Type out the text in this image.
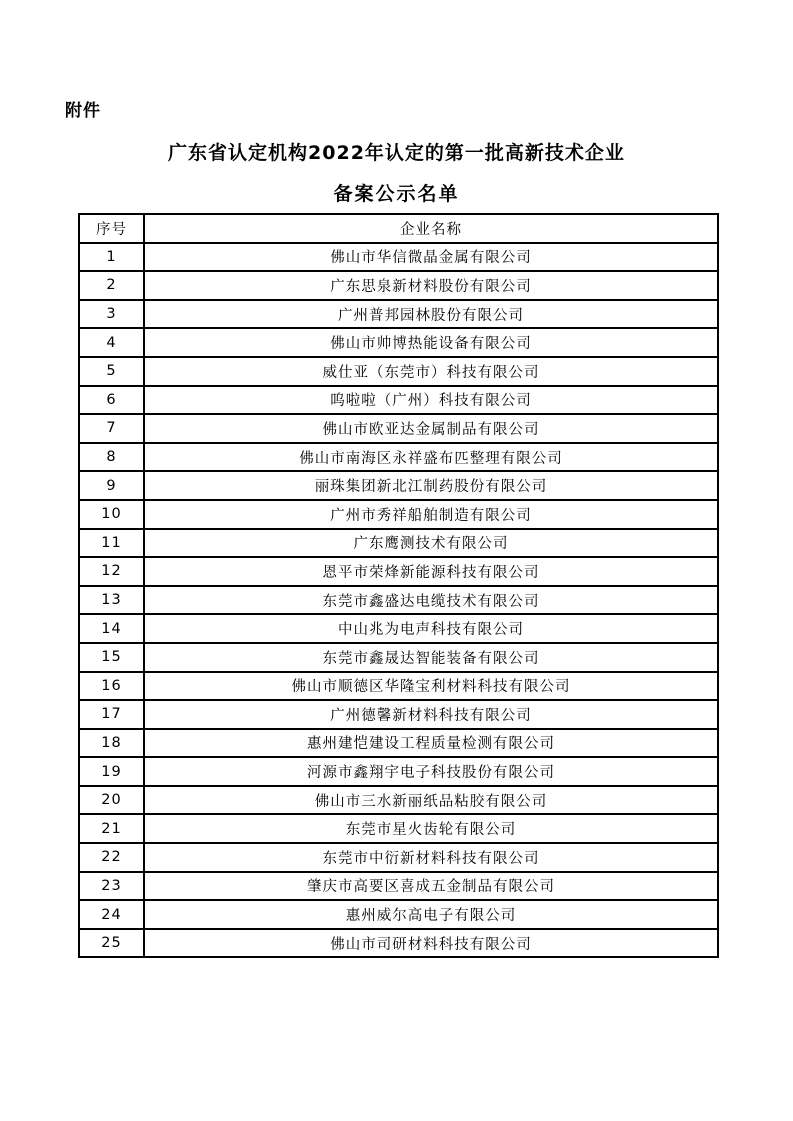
附件
广东省认定机构2022年认定的第一批高新技术企业
备案公示名单
序号	企业名称
1	佛山市华信微晶金属有限公司
2	广东思泉新材料股份有限公司
3	广州普邦园林股份有限公司
4	佛山市帅博热能设备有限公司
5	威仕亚（东莞市）科技有限公司
6	呜啦啦（广州）科技有限公司
7	佛山市欧亚达金属制品有限公司
8	佛山市南海区永祥盛布匹整理有限公司
9	丽珠集团新北江制药股份有限公司
10	广州市秀祥船舶制造有限公司
11	广东鹰测技术有限公司
12	恩平市荣烽新能源科技有限公司
13	东莞市鑫盛达电缆技术有限公司
14	中山兆为电声科技有限公司
15	东莞市鑫晟达智能装备有限公司
16	佛山市顺德区华隆宝利材料科技有限公司
17	广州德馨新材料科技有限公司
18	惠州建恺建设工程质量检测有限公司
19	河源市鑫翔宇电子科技股份有限公司
20	佛山市三水新丽纸品粘胶有限公司
21	东莞市星火齿轮有限公司
22	东莞市中衍新材料科技有限公司
23	肇庆市高要区喜成五金制品有限公司
24	惠州威尔高电子有限公司
25	佛山市司研材料科技有限公司
